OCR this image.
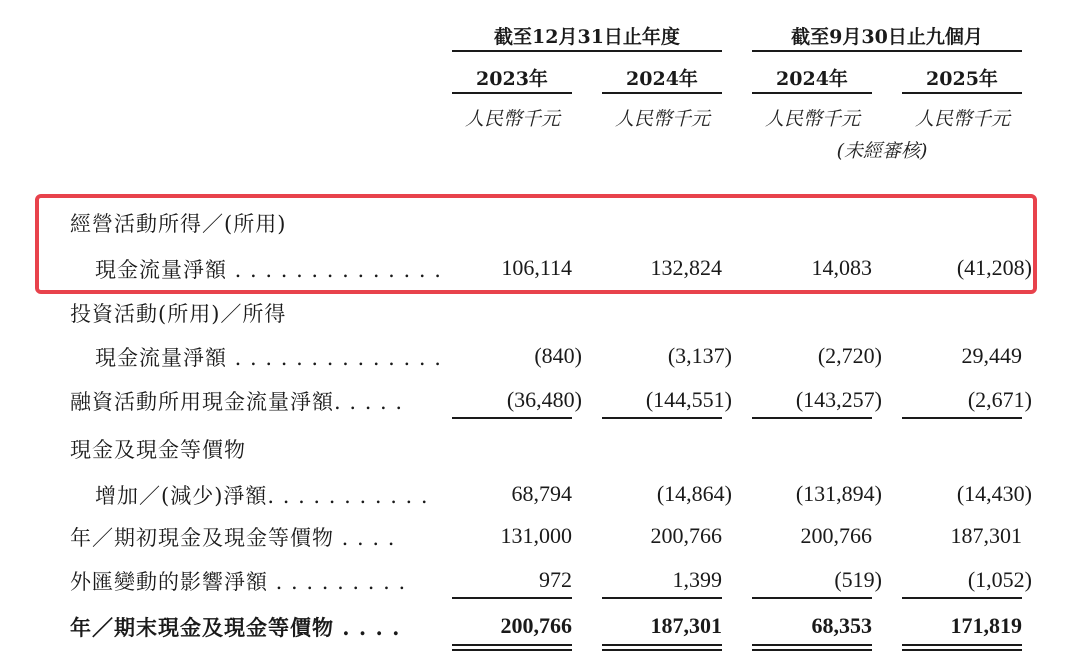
截至12月31日止年度	截至9月30日止九個月
2023年	2024年	2024年	2025年
人民幣千元	人民幣千元	人民幣千元	人民幣千元
(未經審核)
經營活動所得／(所用)
現金流量淨額 . . . . . . . . . . . . . .	106,114	132,824	14,083	(41,208)
投資活動(所用)／所得
現金流量淨額 . . . . . . . . . . . . . .	(840)	(3,137)	(2,720)	29,449
融資活動所用現金流量淨額. . . . .	(36,480)	(144,551)	(143,257)	(2,671)
現金及現金等價物
增加／(減少)淨額. . . . . . . . . . .	68,794	(14,864)	(131,894)	(14,430)
年／期初現金及現金等價物 . . . .	131,000	200,766	200,766	187,301
外匯變動的影響淨額 . . . . . . . . .	972	1,399	(519)	(1,052)
年／期末現金及現金等價物 . . . .	200,766	187,301	68,353	171,819
